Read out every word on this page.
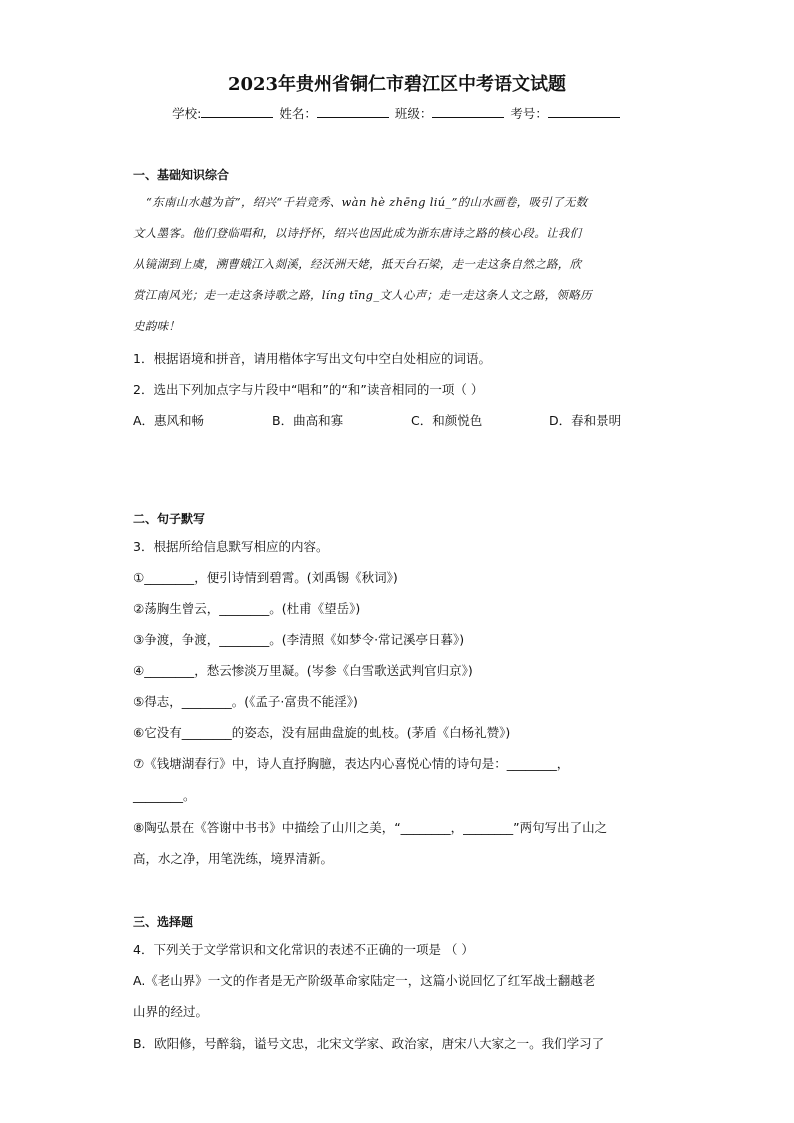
2023年贵州省铜仁市碧江区中考语文试题
学校:	姓名：	班级：	考号：
一、基础知识综合
“东南山水越为首”，绍兴“千岩竞秀、wàn hè zhēng liú_”的山水画卷，吸引了无数
文人墨客。他们登临唱和，以诗抒怀，绍兴也因此成为浙东唐诗之路的核心段。让我们
从镜湖到上虞，溯曹娥江入剡溪，经沃洲天姥，抵天台石梁，走一走这条自然之路，欣
赏江南风光；走一走这条诗歌之路，líng tīng_文人心声；走一走这条人文之路，领略历
史韵味！
1．根据语境和拼音，请用楷体字写出文句中空白处相应的词语。
2．选出下列加点字与片段中“唱和”的“和”读音相同的一项（ ）
A．惠风和畅	B．曲高和寡	C．和颜悦色	D．春和景明
二、句子默写
3．根据所给信息默写相应的内容。
①________，便引诗情到碧霄。(刘禹锡《秋词》)
②荡胸生曾云，________。(杜甫《望岳》)
③争渡，争渡，________。(李清照《如梦令·常记溪亭日暮》)
④________，愁云惨淡万里凝。(岑参《白雪歌送武判官归京》)
⑤得志，________。(《孟子·富贵不能淫》)
⑥它没有________的姿态，没有屈曲盘旋的虬枝。(茅盾《白杨礼赞》)
⑦《钱塘湖春行》中，诗人直抒胸臆，表达内心喜悦心情的诗句是：________，
________。
⑧陶弘景在《答谢中书书》中描绘了山川之美，“________，________”两句写出了山之
高，水之净，用笔洗练，境界清新。
三、选择题
4．下列关于文学常识和文化常识的表述不正确的一项是 （ ）
A.《老山界》一文的作者是无产阶级革命家陆定一，这篇小说回忆了红军战士翻越老
山界的经过。
B．欧阳修，号醉翁，谥号文忠，北宋文学家、政治家，唐宋八大家之一。我们学习了
